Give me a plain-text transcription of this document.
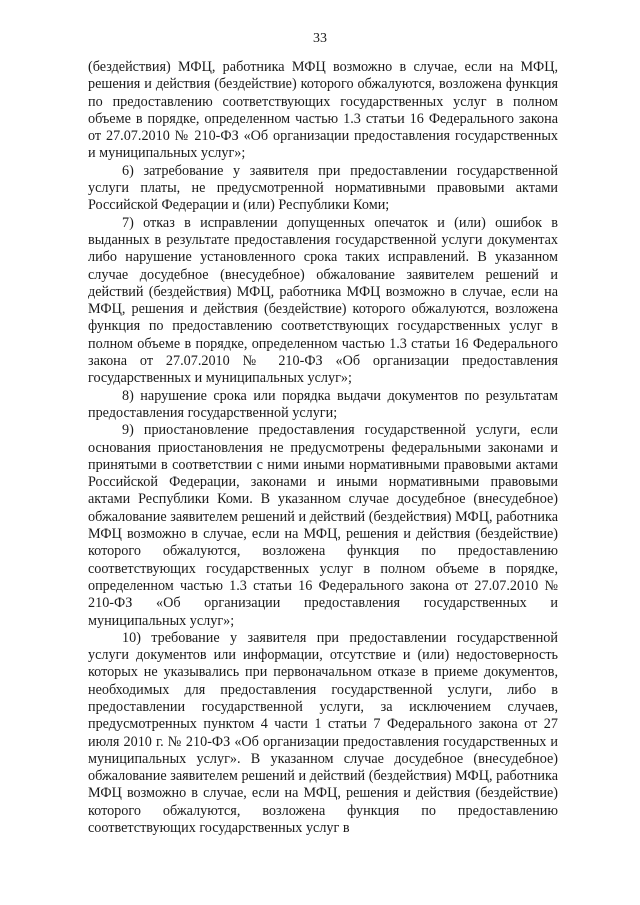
33

(бездействия) МФЦ, работника МФЦ возможно в случае, если на МФЦ, решения и действия (бездействие) которого обжалуются, возложена функция по предоставлению соответствующих государственных услуг в полном объеме в порядке, определенном частью 1.3 статьи 16 Федерального закона от 27.07.2010 № 210-ФЗ «Об организации предоставления государственных и муниципальных услуг»;

6) затребование у заявителя при предоставлении государственной услуги платы, не предусмотренной нормативными правовыми актами Российской Федерации и (или) Республики Коми;

7) отказ в исправлении допущенных опечаток и (или) ошибок в выданных в результате предоставления государственной услуги документах либо нарушение установленного срока таких исправлений. В указанном случае досудебное (внесудебное) обжалование заявителем решений и действий (бездействия) МФЦ, работника МФЦ возможно в случае, если на МФЦ, решения и действия (бездействие) которого обжалуются, возложена функция по предоставлению соответствующих государственных услуг в полном объеме в порядке, определенном частью 1.3 статьи 16 Федерального закона от 27.07.2010 № 210-ФЗ «Об организации предоставления государственных и муниципальных услуг»;

8) нарушение срока или порядка выдачи документов по результатам предоставления государственной услуги;

9) приостановление предоставления государственной услуги, если основания приостановления не предусмотрены федеральными законами и принятыми в соответствии с ними иными нормативными правовыми актами Российской Федерации, законами и иными нормативными правовыми актами Республики Коми. В указанном случае досудебное (внесудебное) обжалование заявителем решений и действий (бездействия) МФЦ, работника МФЦ возможно в случае, если на МФЦ, решения и действия (бездействие) которого обжалуются, возложена функция по предоставлению соответствующих государственных услуг в полном объеме в порядке, определенном частью 1.3 статьи 16 Федерального закона от 27.07.2010 № 210-ФЗ «Об организации предоставления государственных и муниципальных услуг»;

10) требование у заявителя при предоставлении государственной услуги документов или информации, отсутствие и (или) недостоверность которых не указывались при первоначальном отказе в приеме документов, необходимых для предоставления государственной услуги, либо в предоставлении государственной услуги, за исключением случаев, предусмотренных пунктом 4 части 1 статьи 7 Федерального закона от 27 июля 2010 г. № 210-ФЗ «Об организации предоставления государственных и муниципальных услуг». В указанном случае досудебное (внесудебное) обжалование заявителем решений и действий (бездействия) МФЦ, работника МФЦ возможно в случае, если на МФЦ, решения и действия (бездействие) которого обжалуются, возложена функция по предоставлению соответствующих государственных услуг в
